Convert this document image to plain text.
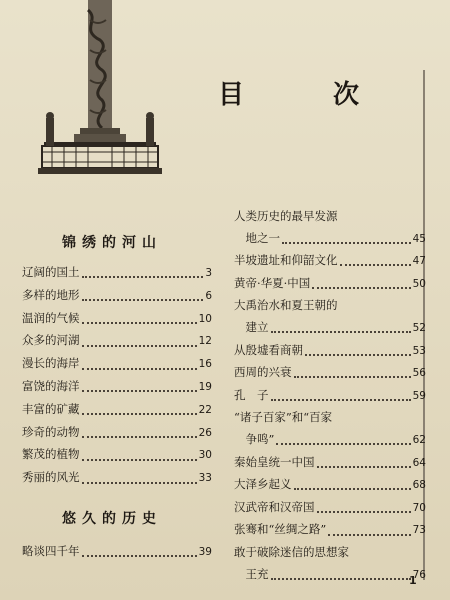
目 次
锦绣的河山
辽阔的国土	3
多样的地形	6
温润的气候	10
众多的河湖	12
漫长的海岸	16
富饶的海洋	19
丰富的矿藏	22
珍奇的动物	26
繁茂的植物	30
秀丽的风光	33
悠久的历史
略谈四千年	39
人类历史的最早发源
　地之一	45
半坡遗址和仰韶文化	47
黄帝·华夏·中国	50
大禹治水和夏王朝的
　建立	52
从殷墟看商朝	53
西周的兴衰	56
孔　子	59
“诸子百家”和“百家
　争鸣”	62
秦始皇统一中国	64
大泽乡起义	68
汉武帝和汉帝国	70
张骞和“丝绸之路”	73
敢于破除迷信的思想家
　王充	76
1
